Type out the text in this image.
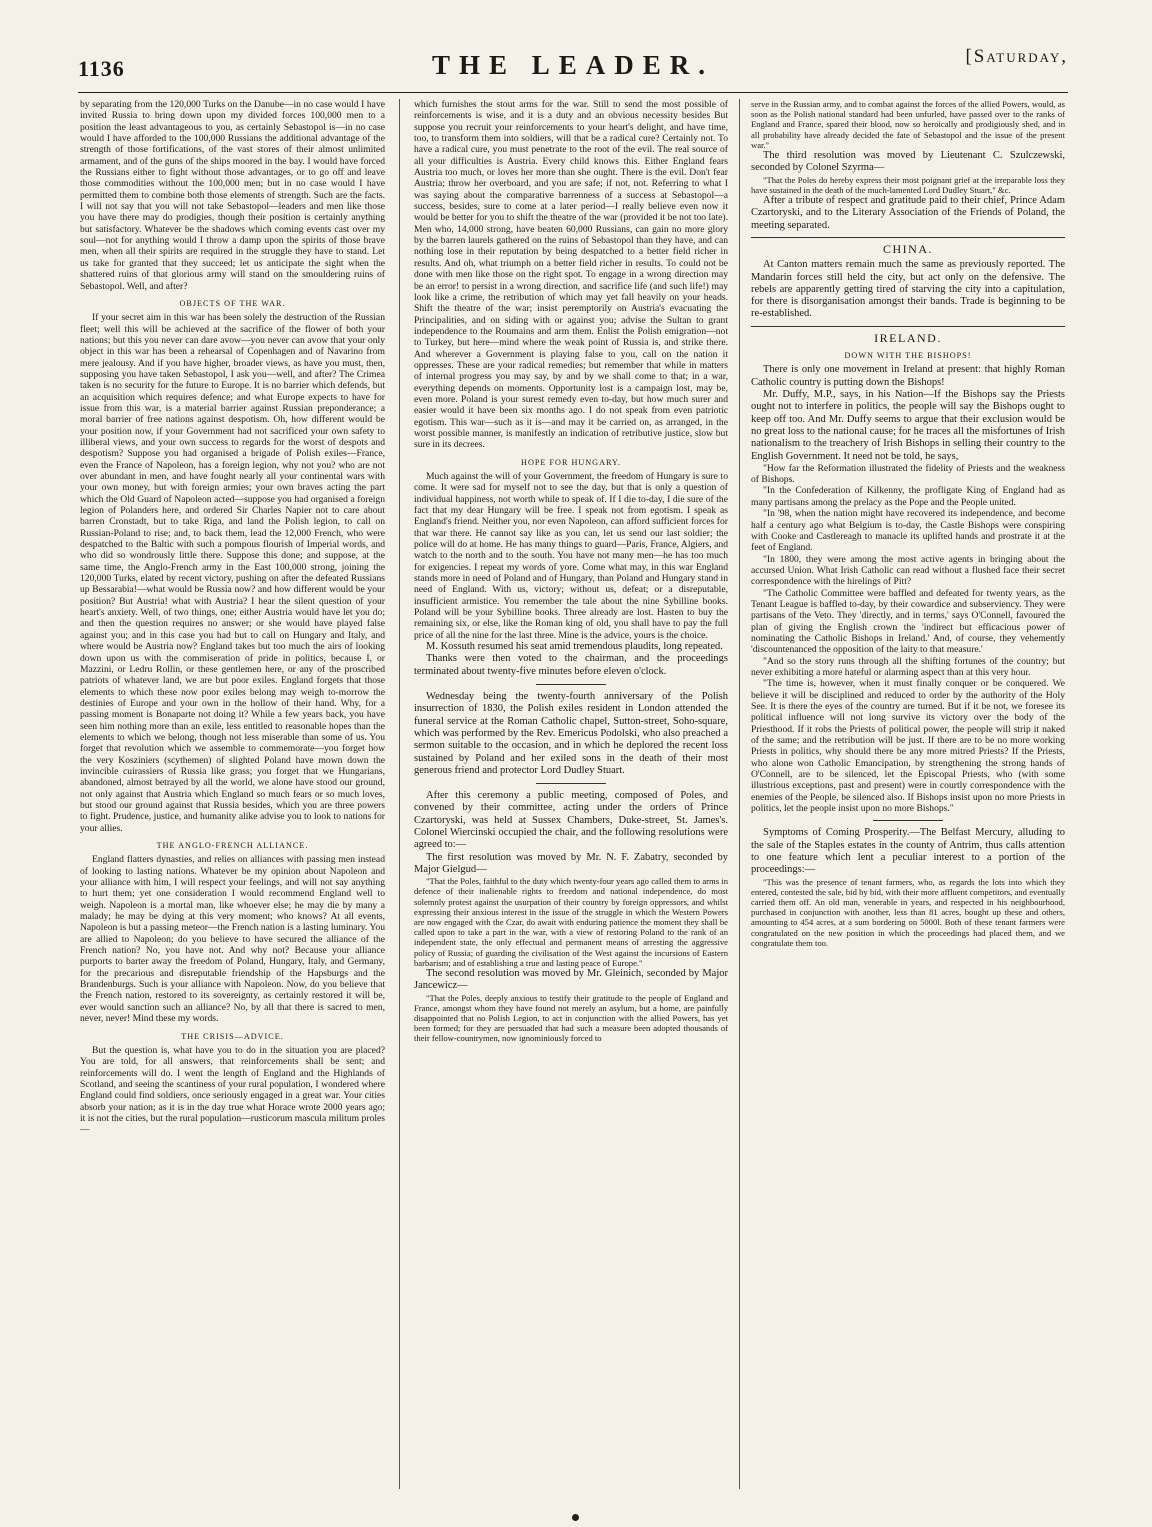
1136	THE LEADER.	[Saturday,

by separating from the 120,000 Turks on the Danube—in no case would I have invited Russia to bring down upon my divided forces 100,000 men to a position the least advantageous to you, as certainly Sebastopol is—in no case would I have afforded to the 100,000 Russians the additional advantage of the strength of those fortifications, of the vast stores of their almost unlimited armament, and of the guns of the ships moored in the bay. I would have forced the Russians either to fight without those advantages, or to go off and leave those commodities without the 100,000 men; but in no case would I have permitted them to combine both those elements of strength. Such are the facts. I will not say that you will not take Sebastopol—leaders and men like those you have there may do prodigies, though their position is certainly anything but satisfactory. Whatever be the shadows which coming events cast over my soul—not for anything would I throw a damp upon the spirits of those brave men, when all their spirits are required in the struggle they have to stand. Let us take for granted that they succeed; let us anticipate the sight when the shattered ruins of that glorious army will stand on the smouldering ruins of Sebastopol. Well, and after?

OBJECTS OF THE WAR.

If your secret aim in this war has been solely the destruction of the Russian fleet; well this will be achieved at the sacrifice of the flower of both your nations; but this you never can dare avow—you never can avow that your only object in this war has been a rehearsal of Copenhagen and of Navarino from mere jealousy. And if you have higher, broader views, as have you must, then, supposing you have taken Sebastopol, I ask you—well, and after? The Crimea taken is no security for the future to Europe. It is no barrier which defends, but an acquisition which requires defence; and what Europe expects to have for issue from this war, is a material barrier against Russian preponderance; a moral barrier of free nations against despotism. Oh, how different would be your position now, if your Government had not sacrificed your own safety to illiberal views, and your own success to regards for the worst of despots and despotism? Suppose you had organised a brigade of Polish exiles—France, even the France of Napoleon, has a foreign legion, why not you? who are not over abundant in men, and have fought nearly all your continental wars with your own money, but with foreign armies; your own braves acting the part which the Old Guard of Napoleon acted—suppose you had organised a foreign legion of Polanders here, and ordered Sir Charles Napier not to care about barren Cronstadt, but to take Riga, and land the Polish legion, to call on Russian-Poland to rise; and, to back them, lead the 12,000 French, who were despatched to the Baltic with such a pompous flourish of Imperial words, and who did so wondrously little there. Suppose this done; and suppose, at the same time, the Anglo-French army in the East 100,000 strong, joining the 120,000 Turks, elated by recent victory, pushing on after the defeated Russians up Bessarabia!—what would be Russia now? and how different would be your position? But Austria! what with Austria? I hear the silent question of your heart's anxiety. Well, of two things, one; either Austria would have let you do; and then the question requires no answer; or she would have played false against you; and in this case you had but to call on Hungary and Italy, and where would be Austria now? England takes but too much the airs of looking down upon us with the commiseration of pride in politics, because I, or Mazzini, or Ledru Rollin, or these gentlemen here, or any of the proscribed patriots of whatever land, we are but poor exiles. England forgets that those elements to which these now poor exiles belong may weigh to-morrow the destinies of Europe and your own in the hollow of their hand. Why, for a passing moment is Bonaparte not doing it? While a few years back, you have seen him nothing more than an exile, less entitled to reasonable hopes than the elements to which we belong, though not less miserable than some of us. You forget that revolution which we assemble to commemorate—you forget how the very Kosziniers (scythemen) of slighted Poland have mown down the invincible cuirassiers of Russia like grass; you forget that we Hungarians, abandoned, almost betrayed by all the world, we alone have stood our ground, not only against that Austria which England so much fears or so much loves, but stood our ground against that Russia besides, which you are three powers to fight. Prudence, justice, and humanity alike advise you to look to nations for your allies.

THE ANGLO-FRENCH ALLIANCE.

England flatters dynasties, and relies on alliances with passing men instead of looking to lasting nations. Whatever be my opinion about Napoleon and your alliance with him, I will respect your feelings, and will not say anything to hurt them; yet one consideration I would recommend England well to weigh. Napoleon is a mortal man, like whoever else; he may die by many a malady; he may be dying at this very moment; who knows? At all events, Napoleon is but a passing meteor—the French nation is a lasting luminary. You are allied to Napoleon; do you believe to have secured the alliance of the French nation? No, you have not. And why not? Because your alliance purports to barter away the freedom of Poland, Hungary, Italy, and Germany, for the precarious and disreputable friendship of the Hapsburgs and the Brandenburgs. Such is your alliance with Napoleon. Now, do you believe that the French nation, restored to its sovereignty, as certainly restored it will be, ever would sanction such an alliance? No, by all that there is sacred to men, never, never! Mind these my words.

THE CRISIS—ADVICE.

But the question is, what have you to do in the situation you are placed? You are told, for all answers, that reinforcements shall be sent; and reinforcements will do. I went the length of England and the Highlands of Scotland, and seeing the scantiness of your rural population, I wondered where England could find soldiers, once seriously engaged in a great war. Your cities absorb your nation; as it is in the day true what Horace wrote 2000 years ago; it is not the cities, but the rural population—rusticorum mascula militum proles—

which furnishes the stout arms for the war. Still to send the most possible of reinforcements is wise, and it is a duty and an obvious necessity besides But suppose you recruit your reinforcements to your heart's delight, and have time, too, to transform them into soldiers, will that be a radical cure? Certainly not. To have a radical cure, you must penetrate to the root of the evil. The real source of all your difficulties is Austria. Every child knows this. Either England fears Austria too much, or loves her more than she ought. There is the evil. Don't fear Austria; throw her overboard, and you are safe; if not, not. Referring to what I was saying about the comparative barrenness of a success at Sebastopol—a success, besides, sure to come at a later period—I really believe even now it would be better for you to shift the theatre of the war (provided it be not too late). Men who, 14,000 strong, have beaten 60,000 Russians, can gain no more glory by the barren laurels gathered on the ruins of Sebastopol than they have, and can nothing lose in their reputation by being despatched to a better field richer in results. And oh, what triumph on a better field richer in results. To could not be done with men like those on the right spot. To engage in a wrong direction may be an error! to persist in a wrong direction, and sacrifice life (and such life!) may look like a crime, the retribution of which may yet fall heavily on your heads. Shift the theatre of the war; insist peremptorily on Austria's evacuating the Principalities, and on siding with or against you; advise the Sultan to grant independence to the Roumains and arm them. Enlist the Polish emigration—not to Turkey, but here—mind where the weak point of Russia is, and strike there. And wherever a Government is playing false to you, call on the nation it oppresses. These are your radical remedies; but remember that while in matters of internal progress you may say, by and by we shall come to that; in a war, everything depends on moments. Opportunity lost is a campaign lost, may be, even more. Poland is your surest remedy even to-day, but how much surer and easier would it have been six months ago. I do not speak from even patriotic egotism. This war—such as it is—and may it be carried on, as arranged, in the worst possible manner, is manifestly an indication of retributive justice, slow but sure in its decrees.

HOPE FOR HUNGARY.

Much against the will of your Government, the freedom of Hungary is sure to come. It were sad for myself not to see the day, but that is only a question of individual happiness, not worth while to speak of. If I die to-day, I die sure of the fact that my dear Hungary will be free. I speak not from egotism. I speak as England's friend. Neither you, nor even Napoleon, can afford sufficient forces for that war there. He cannot say like as you can, let us send our last soldier; the police will do at home. He has many things to guard—Paris, France, Algiers, and watch to the north and to the south. You have not many men—he has too much for exigencies. I repeat my words of yore. Come what may, in this war England stands more in need of Poland and of Hungary, than Poland and Hungary stand in need of England. With us, victory; without us, defeat; or a disreputable, insufficient armistice. You remember the tale about the nine Sybilline books. Poland will be your Sybilline books. Three already are lost. Hasten to buy the remaining six, or else, like the Roman king of old, you shall have to pay the full price of all the nine for the last three. Mine is the advice, yours is the choice.

M. Kossuth resumed his seat amid tremendous plaudits, long repeated.

Thanks were then voted to the chairman, and the proceedings terminated about twenty-five minutes before eleven o'clock.

Wednesday being the twenty-fourth anniversary of the Polish insurrection of 1830, the Polish exiles resident in London attended the funeral service at the Roman Catholic chapel, Sutton-street, Soho-square, which was performed by the Rev. Emericus Podolski, who also preached a sermon suitable to the occasion, and in which he deplored the recent loss sustained by Poland and her exiled sons in the death of their most generous friend and protector Lord Dudley Stuart.

After this ceremony a public meeting, composed of Poles, and convened by their committee, acting under the orders of Prince Czartoryski, was held at Sussex Chambers, Duke-street, St. James's. Colonel Wiercinski occupied the chair, and the following resolutions were agreed to:—

The first resolution was moved by Mr. N. F. Zabatry, seconded by Major Gielgud—

"That the Poles, faithful to the duty which twenty-four years ago called them to arms in defence of their inalienable rights to freedom and national independence, do most solemnly protest against the usurpation of their country by foreign oppressors, and whilst expressing their anxious interest in the issue of the struggle in which the Western Powers are now engaged with the Czar, do await with enduring patience the moment they shall be called upon to take a part in the war, with a view of restoring Poland to the rank of an independent state, the only effectual and permanent means of arresting the aggressive policy of Russia; of guarding the civilisation of the West against the incursions of Eastern barbarism; and of establishing a true and lasting peace of Europe."

The second resolution was moved by Mr. Gleinich, seconded by Major Jancewicz—

"That the Poles, deeply anxious to testify their gratitude to the people of England and France, amongst whom they have found not merely an asylum, but a home, are painfully disappointed that no Polish Legion, to act in conjunction with the allied Powers, has yet been formed; for they are persuaded that had such a measure been adopted thousands of their fellow-countrymen, now ignominiously forced to

serve in the Russian army, and to combat against the forces of the allied Powers, would, as soon as the Polish national standard had been unfurled, have passed over to the ranks of England and France, spared their blood, now so heroically and prodigiously shed, and in all probability have already decided the fate of Sebastopol and the issue of the present war."

The third resolution was moved by Lieutenant C. Szulczewski, seconded by Colonel Szyrma—

"That the Poles do hereby express their most poignant grief at the irreparable loss they have sustained in the death of the much-lamented Lord Dudley Stuart," &c.

After a tribute of respect and gratitude paid to their chief, Prince Adam Czartoryski, and to the Literary Association of the Friends of Poland, the meeting separated.

CHINA.

At Canton matters remain much the same as previously reported. The Mandarin forces still held the city, but act only on the defensive. The rebels are apparently getting tired of starving the city into a capitulation, for there is disorganisation amongst their bands. Trade is beginning to be re-established.

IRELAND.
DOWN WITH THE BISHOPS!

There is only one movement in Ireland at present: that highly Roman Catholic country is putting down the Bishops!

Mr. Duffy, M.P., says, in his Nation—If the Bishops say the Priests ought not to interfere in politics, the people will say the Bishops ought to keep off too. And Mr. Duffy seems to argue that their exclusion would be no great loss to the national cause; for he traces all the misfortunes of Irish nationalism to the treachery of Irish Bishops in selling their country to the English Government. It need not be told, he says,

"How far the Reformation illustrated the fidelity of Priests and the weakness of Bishops.

"In the Confederation of Kilkenny, the profligate King of England had as many partisans among the prelacy as the Pope and the People united.

"In '98, when the nation might have recovered its independence, and become half a century ago what Belgium is to-day, the Castle Bishops were conspiring with Cooke and Castlereagh to manacle its uplifted hands and prostrate it at the feet of England.

"In 1800, they were among the most active agents in bringing about the accursed Union. What Irish Catholic can read without a flushed face their secret correspondence with the hirelings of Pitt?

"The Catholic Committee were baffled and defeated for twenty years, as the Tenant League is baffled to-day, by their cowardice and subserviency. They were partisans of the Veto. They 'directly, and in terms,' says O'Connell, favoured the plan of giving the English crown the 'indirect but efficacious power of nominating the Catholic Bishops in Ireland.' And, of course, they vehemently 'discountenanced the opposition of the laity to that measure.'

"And so the story runs through all the shifting fortunes of the country; but never exhibiting a more hateful or alarming aspect than at this very hour.

"The time is, however, when it must finally conquer or be conquered. We believe it will be disciplined and reduced to order by the authority of the Holy See. It is there the eyes of the country are turned. But if it be not, we foresee its political influence will not long survive its victory over the body of the Priesthood. If it robs the Priests of political power, the people will strip it naked of the same; and the retribution will be just. If there are to be no more working Priests in politics, why should there be any more mitred Priests? If the Priests, who alone won Catholic Emancipation, by strengthening the strong hands of O'Connell, are to be silenced, let the Episcopal Priests, who (with some illustrious exceptions, past and present) were in courtly correspondence with the enemies of the People, be silenced also. If Bishops insist upon no more Priests in politics, let the people insist upon no more Bishops."

Symptoms of Coming Prosperity.—The Belfast Mercury, alluding to the sale of the Staples estates in the county of Antrim, thus calls attention to one feature which lent a peculiar interest to a portion of the proceedings:—

"This was the presence of tenant farmers, who, as regards the lots into which they entered, contested the sale, bid by bid, with their more affluent competitors, and eventually carried them off. An old man, venerable in years, and respected in his neighbourhood, purchased in conjunction with another, less than 81 acres, bought up these and others, amounting to 454 acres, at a sum bordering on 5000l. Both of these tenant farmers were congratulated on the new position in which the proceedings had placed them, and we congratulate them too.
